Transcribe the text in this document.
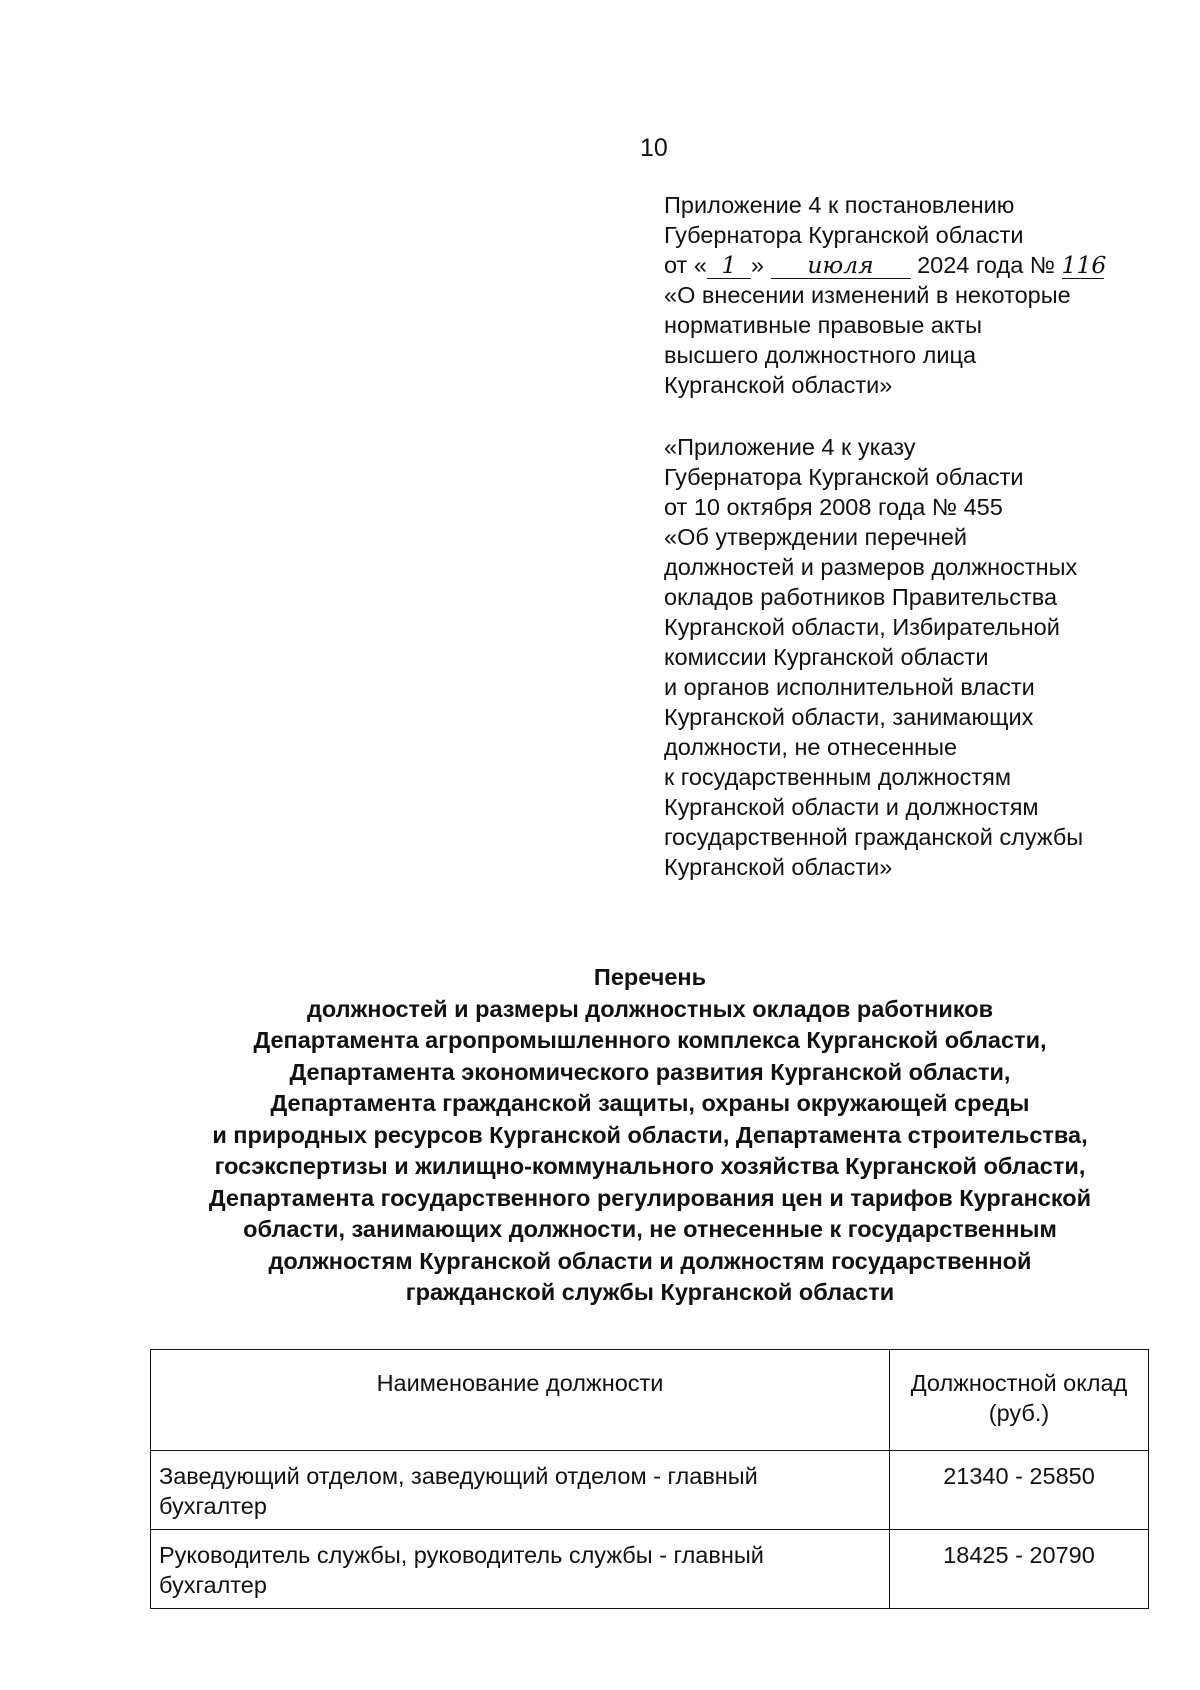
10
Приложение 4 к постановлению
Губернатора Курганской области
от « 1 » июля 2024 года № 116
«О внесении изменений в некоторые
нормативные правовые акты
высшего должностного лица
Курганской области»
«Приложение 4 к указу
Губернатора Курганской области
от 10 октября 2008 года № 455
«Об утверждении перечней
должностей и размеров должностных
окладов работников Правительства
Курганской области, Избирательной
комиссии Курганской области
и органов исполнительной власти
Курганской области, занимающих
должности, не отнесенные
к государственным должностям
Курганской области и должностям
государственной гражданской службы
Курганской области»
Перечень
должностей и размеры должностных окладов работников
Департамента агропромышленного комплекса Курганской области,
Департамента экономического развития Курганской области,
Департамента гражданской защиты, охраны окружающей среды
и природных ресурсов Курганской области, Департамента строительства,
госэкспертизы и жилищно-коммунального хозяйства Курганской области,
Департамента государственного регулирования цен и тарифов Курганской
области, занимающих должности, не отнесенные к государственным
должностям Курганской области и должностям государственной
гражданской службы Курганской области
Наименование должности	Должностной оклад
(руб.)
Заведующий отделом, заведующий отделом - главный
бухгалтер	21340 - 25850
Руководитель службы, руководитель службы - главный
бухгалтер	18425 - 20790
